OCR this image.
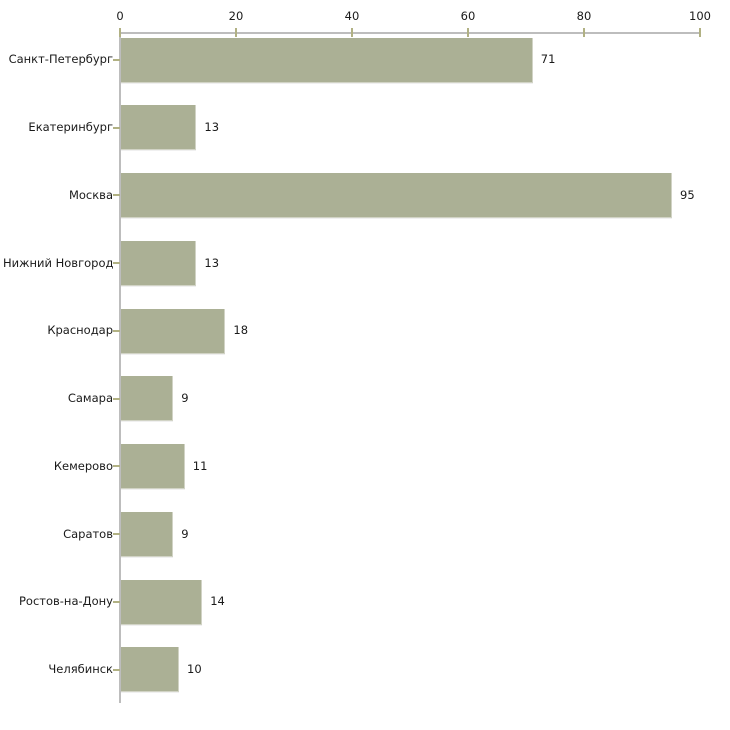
0	20	40	60	80	100
Санкт-Петербург	71
Екатеринбург	13
Москва	95
Нижний Новгород	13
Краснодар	18
Самара	9
Кемерово	11
Саратов	9
Ростов-на-Дону	14
Челябинск	10
